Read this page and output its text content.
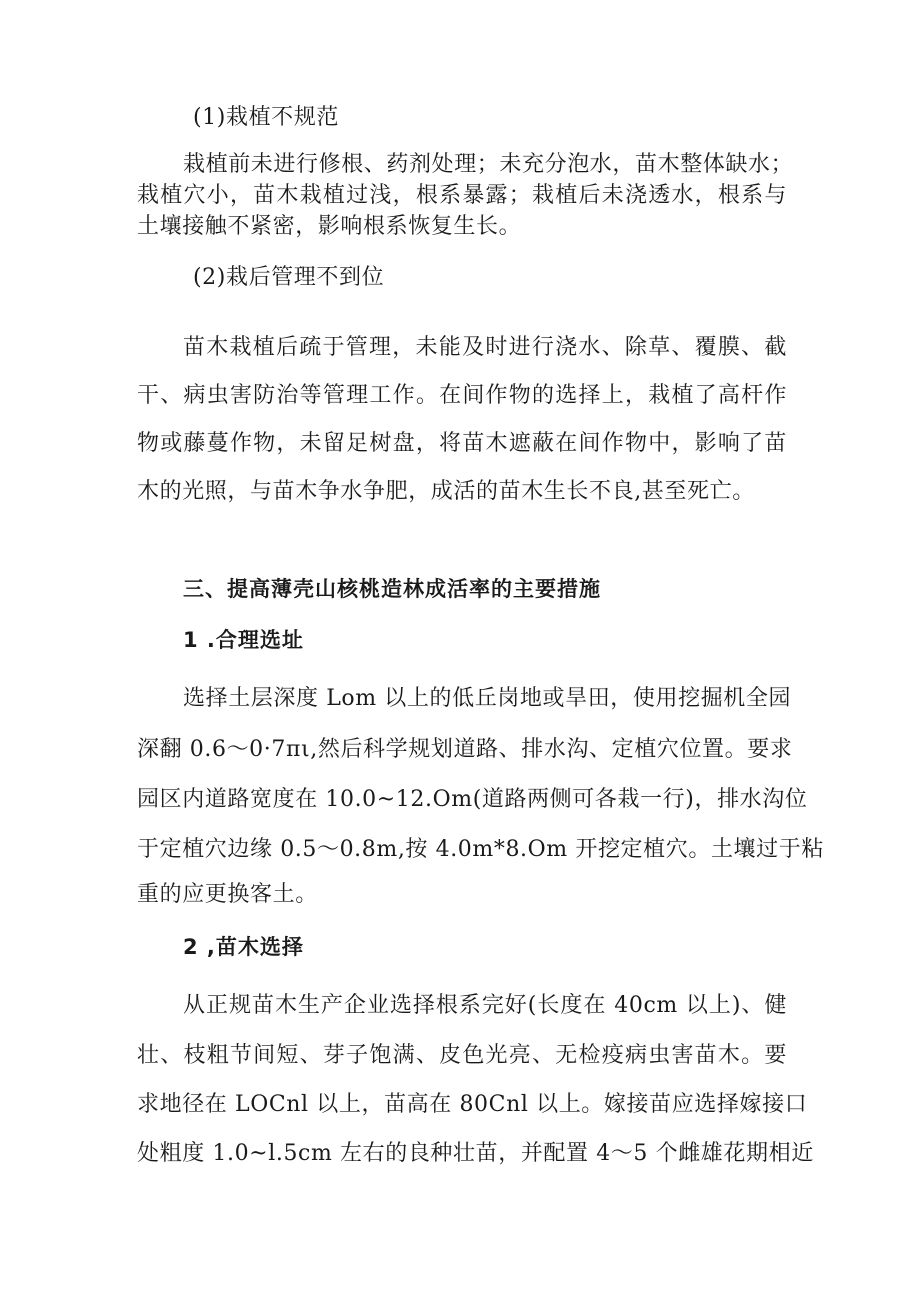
(1)栽植不规范
栽植前未进行修根、药剂处理；未充分泡水，苗木整体缺水；
栽植穴小，苗木栽植过浅，根系暴露；栽植后未浇透水，根系与
土壤接触不紧密，影响根系恢复生长。
(2)栽后管理不到位
苗木栽植后疏于管理，未能及时进行浇水、除草、覆膜、截
干、病虫害防治等管理工作。在间作物的选择上，栽植了高杆作
物或藤蔓作物，未留足树盘，将苗木遮蔽在间作物中，影响了苗
木的光照，与苗木争水争肥，成活的苗木生长不良,甚至死亡。
三、提高薄壳山核桃造林成活率的主要措施
1 .合理选址
选择土层深度 Lom 以上的低丘岗地或旱田，使用挖掘机全园
深翻 0.6～0·7πι,然后科学规划道路、排水沟、定植穴位置。要求
园区内道路宽度在 10.0~12.Om(道路两侧可各栽一行)，排水沟位
于定植穴边缘 0.5～0.8m,按 4.0m*8.Om 开挖定植穴。土壤过于粘
重的应更换客土。
2 ,苗木选择
从正规苗木生产企业选择根系完好(长度在 40cm 以上)、健
壮、枝粗节间短、芽子饱满、皮色光亮、无检疫病虫害苗木。要
求地径在 LOCnl 以上，苗高在 80Cnl 以上。嫁接苗应选择嫁接口
处粗度 1.0~l.5cm 左右的良种壮苗，并配置 4～5 个雌雄花期相近
